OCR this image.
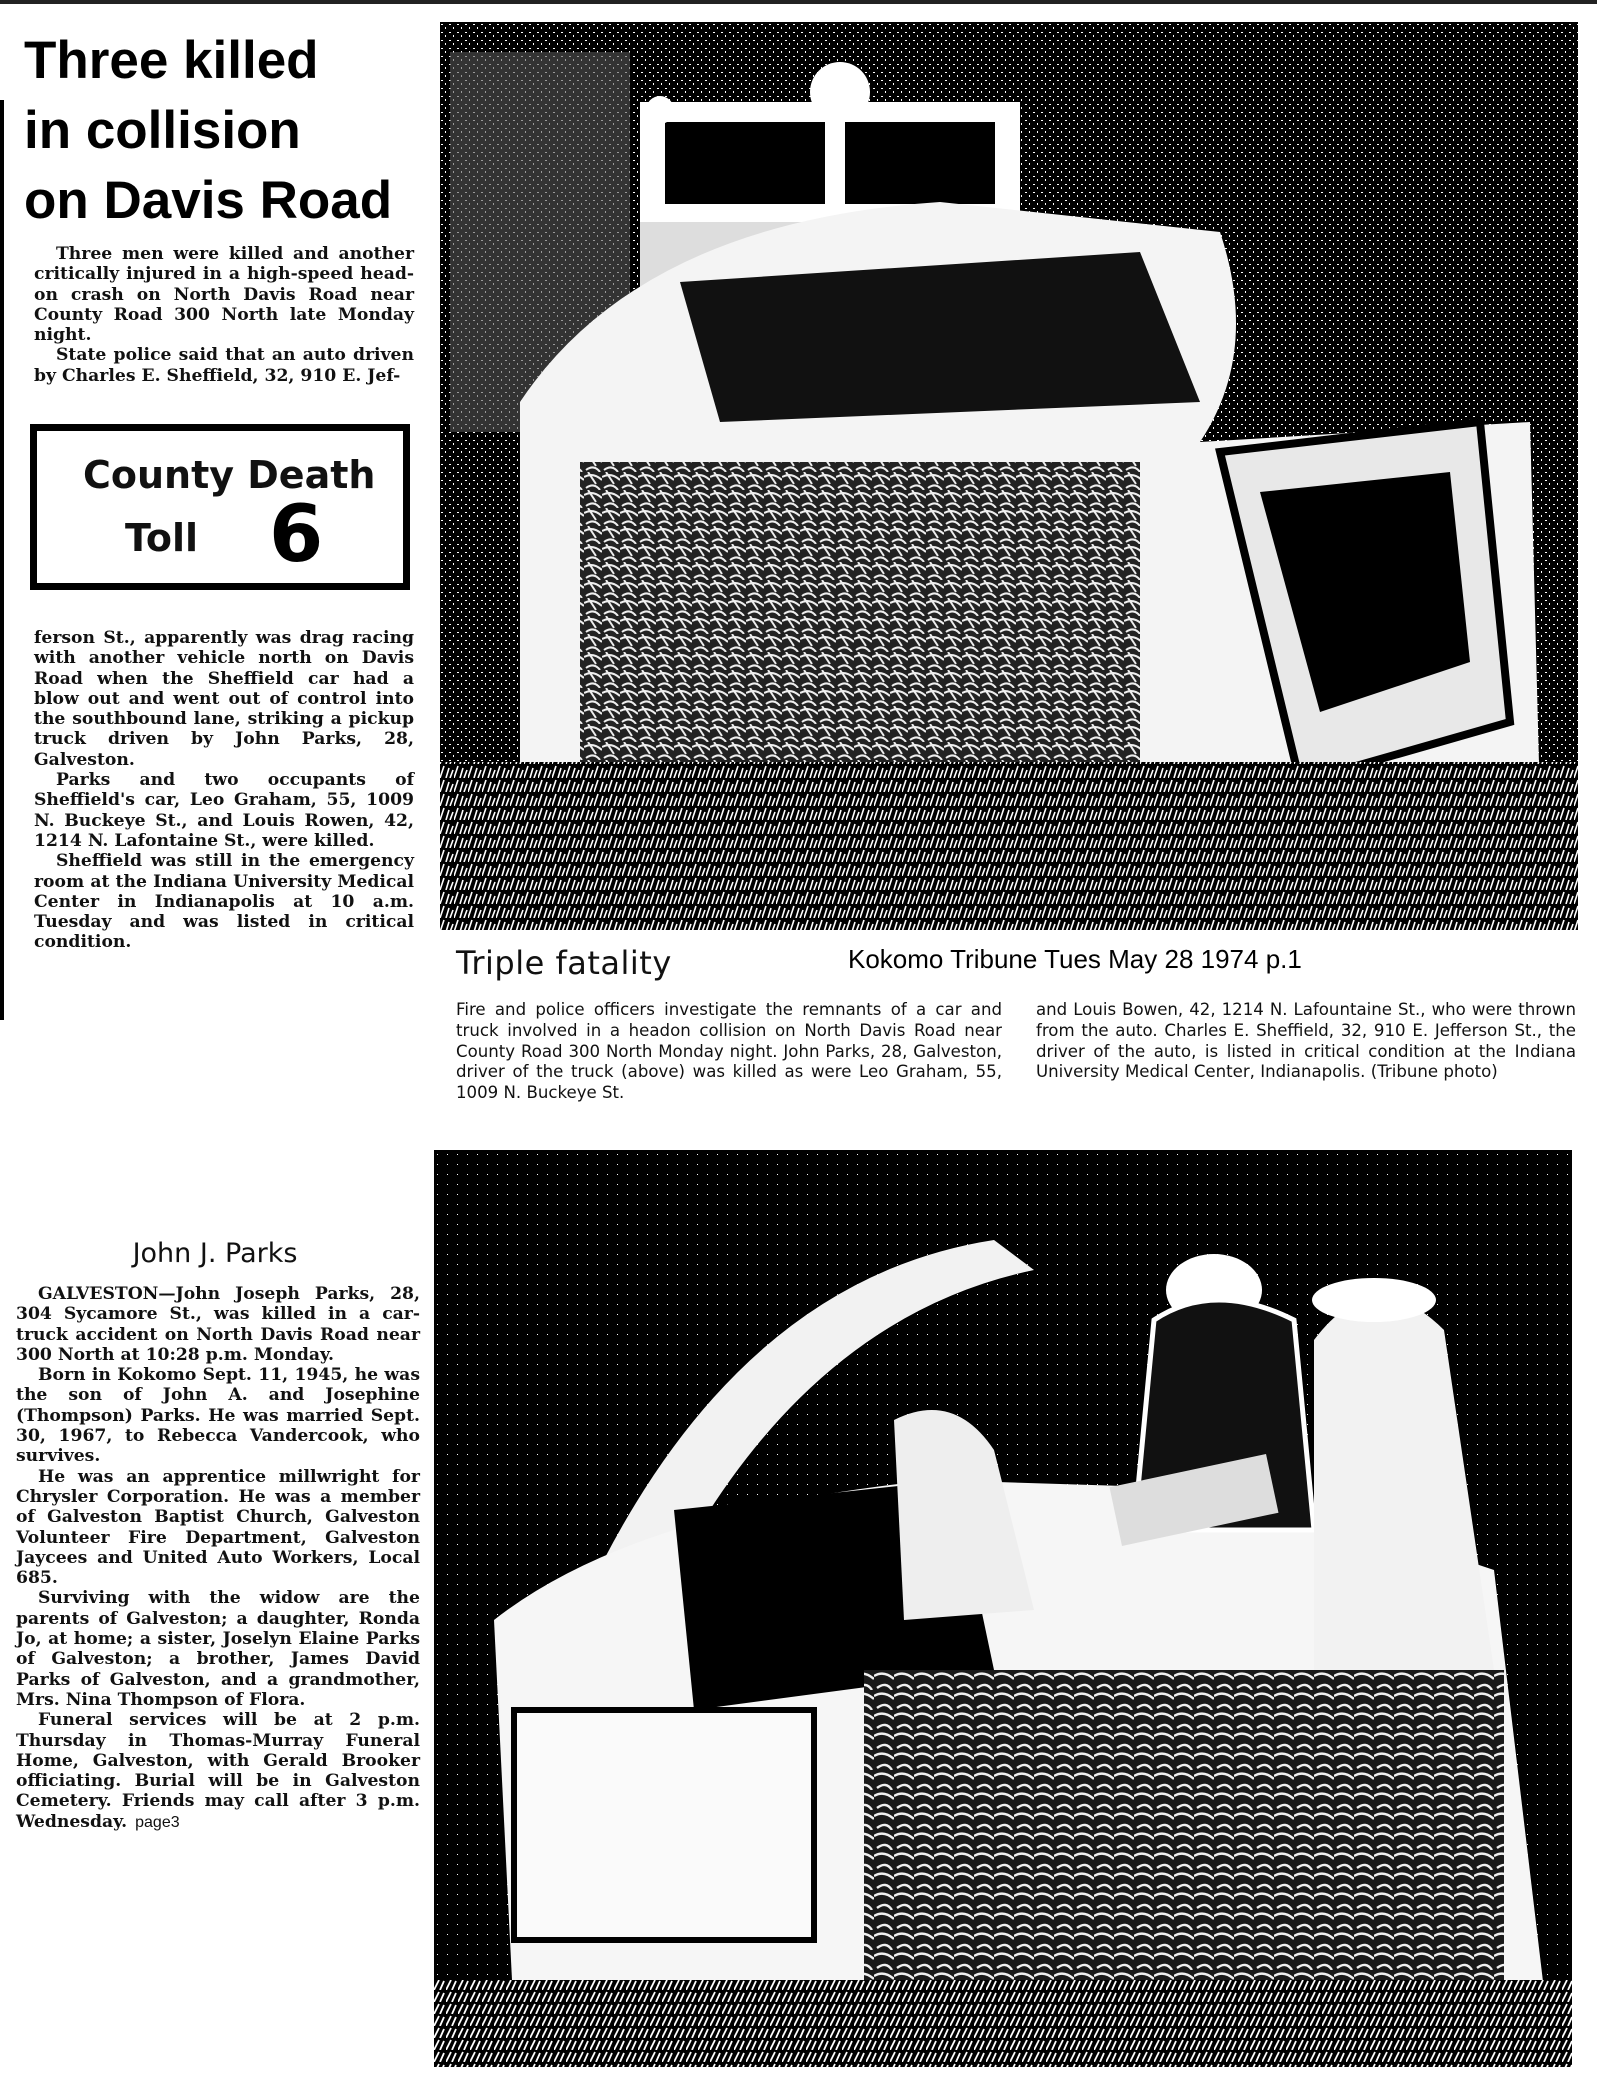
Three killed
in collision
on Davis Road

Three men were killed and another critically injured in a high-speed head-on crash on North Davis Road near County Road 300 North late Monday night.

State police said that an auto driven by Charles E. Sheffield, 32, 910 E. Jef-

County Death
Toll 6

ferson St., apparently was drag racing with another vehicle north on Davis Road when the Sheffield car had a blow out and went out of control into the southbound lane, striking a pickup truck driven by John Parks, 28, Galveston.

Parks and two occupants of Sheffield's car, Leo Graham, 55, 1009 N. Buckeye St., and Louis Rowen, 42, 1214 N. Lafontaine St., were killed.

Sheffield was still in the emergency room at the Indiana University Medical Center in Indianapolis at 10 a.m. Tuesday and was listed in critical condition.

Triple fatality	Kokomo Tribune Tues May 28 1974 p.1
Fire and police officers investigate the remnants of a car and truck involved in a headon collision on North Davis Road near County Road 300 North Monday night. John Parks, 28, Galveston, driver of the truck (above) was killed as were Leo Graham, 55, 1009 N. Buckeye St.
and Louis Bowen, 42, 1214 N. Lafountaine St., who were thrown from the auto. Charles E. Sheffield, 32, 910 E. Jefferson St., the driver of the auto, is listed in critical condition at the Indiana University Medical Center, Indianapolis. (Tribune photo)
John J. Parks

GALVESTON—John Joseph Parks, 28, 304 Sycamore St., was killed in a car-truck accident on North Davis Road near 300 North at 10:28 p.m. Monday.

Born in Kokomo Sept. 11, 1945, he was the son of John A. and Josephine (Thompson) Parks. He was married Sept. 30, 1967, to Rebecca Vandercook, who survives.

He was an apprentice millwright for Chrysler Corporation. He was a member of Galveston Baptist Church, Galveston Volunteer Fire Department, Galveston Jaycees and United Auto Workers, Local 685.

Surviving with the widow are the parents of Galveston; a daughter, Ronda Jo, at home; a sister, Joselyn Elaine Parks of Galveston; a brother, James David Parks of Galveston, and a grandmother, Mrs. Nina Thompson of Flora.

Funeral services will be at 2 p.m. Thursday in Thomas-Murray Funeral Home, Galveston, with Gerald Brooker officiating. Burial will be in Galveston Cemetery. Friends may call after 3 p.m. Wednesday. page3
